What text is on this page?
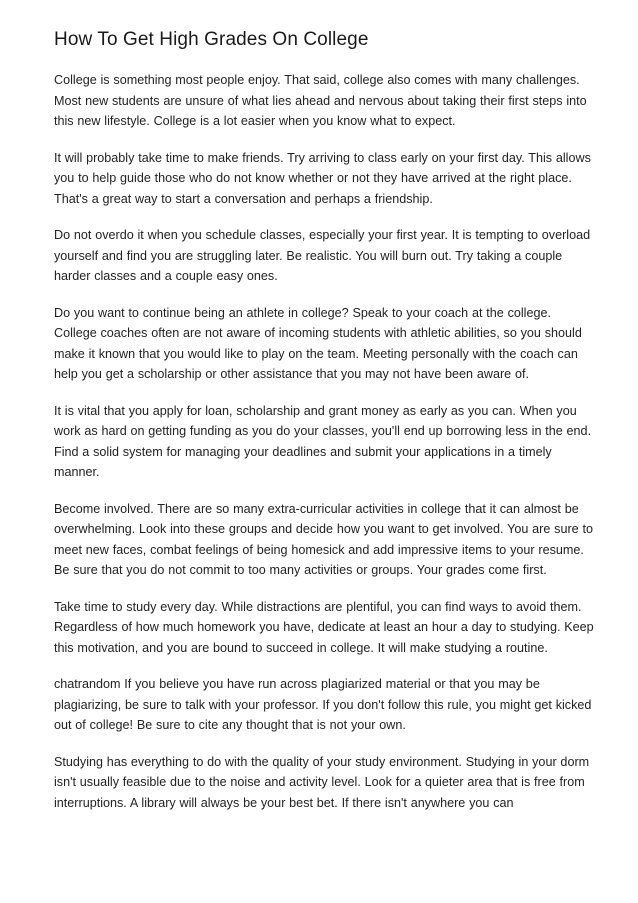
How To Get High Grades On College

College is something most people enjoy. That said, college also comes with many challenges. Most new students are unsure of what lies ahead and nervous about taking their first steps into this new lifestyle. College is a lot easier when you know what to expect.

It will probably take time to make friends. Try arriving to class early on your first day. This allows you to help guide those who do not know whether or not they have arrived at the right place. That's a great way to start a conversation and perhaps a friendship.

Do not overdo it when you schedule classes, especially your first year. It is tempting to overload yourself and find you are struggling later. Be realistic. You will burn out. Try taking a couple harder classes and a couple easy ones.

Do you want to continue being an athlete in college? Speak to your coach at the college. College coaches often are not aware of incoming students with athletic abilities, so you should make it known that you would like to play on the team. Meeting personally with the coach can help you get a scholarship or other assistance that you may not have been aware of.

It is vital that you apply for loan, scholarship and grant money as early as you can. When you work as hard on getting funding as you do your classes, you'll end up borrowing less in the end. Find a solid system for managing your deadlines and submit your applications in a timely manner.

Become involved. There are so many extra-curricular activities in college that it can almost be overwhelming. Look into these groups and decide how you want to get involved. You are sure to meet new faces, combat feelings of being homesick and add impressive items to your resume. Be sure that you do not commit to too many activities or groups. Your grades come first.

Take time to study every day. While distractions are plentiful, you can find ways to avoid them. Regardless of how much homework you have, dedicate at least an hour a day to studying. Keep this motivation, and you are bound to succeed in college. It will make studying a routine.

chatrandom If you believe you have run across plagiarized material or that you may be plagiarizing, be sure to talk with your professor. If you don't follow this rule, you might get kicked out of college! Be sure to cite any thought that is not your own.

Studying has everything to do with the quality of your study environment. Studying in your dorm isn't usually feasible due to the noise and activity level. Look for a quieter area that is free from interruptions. A library will always be your best bet. If there isn't anywhere you can
